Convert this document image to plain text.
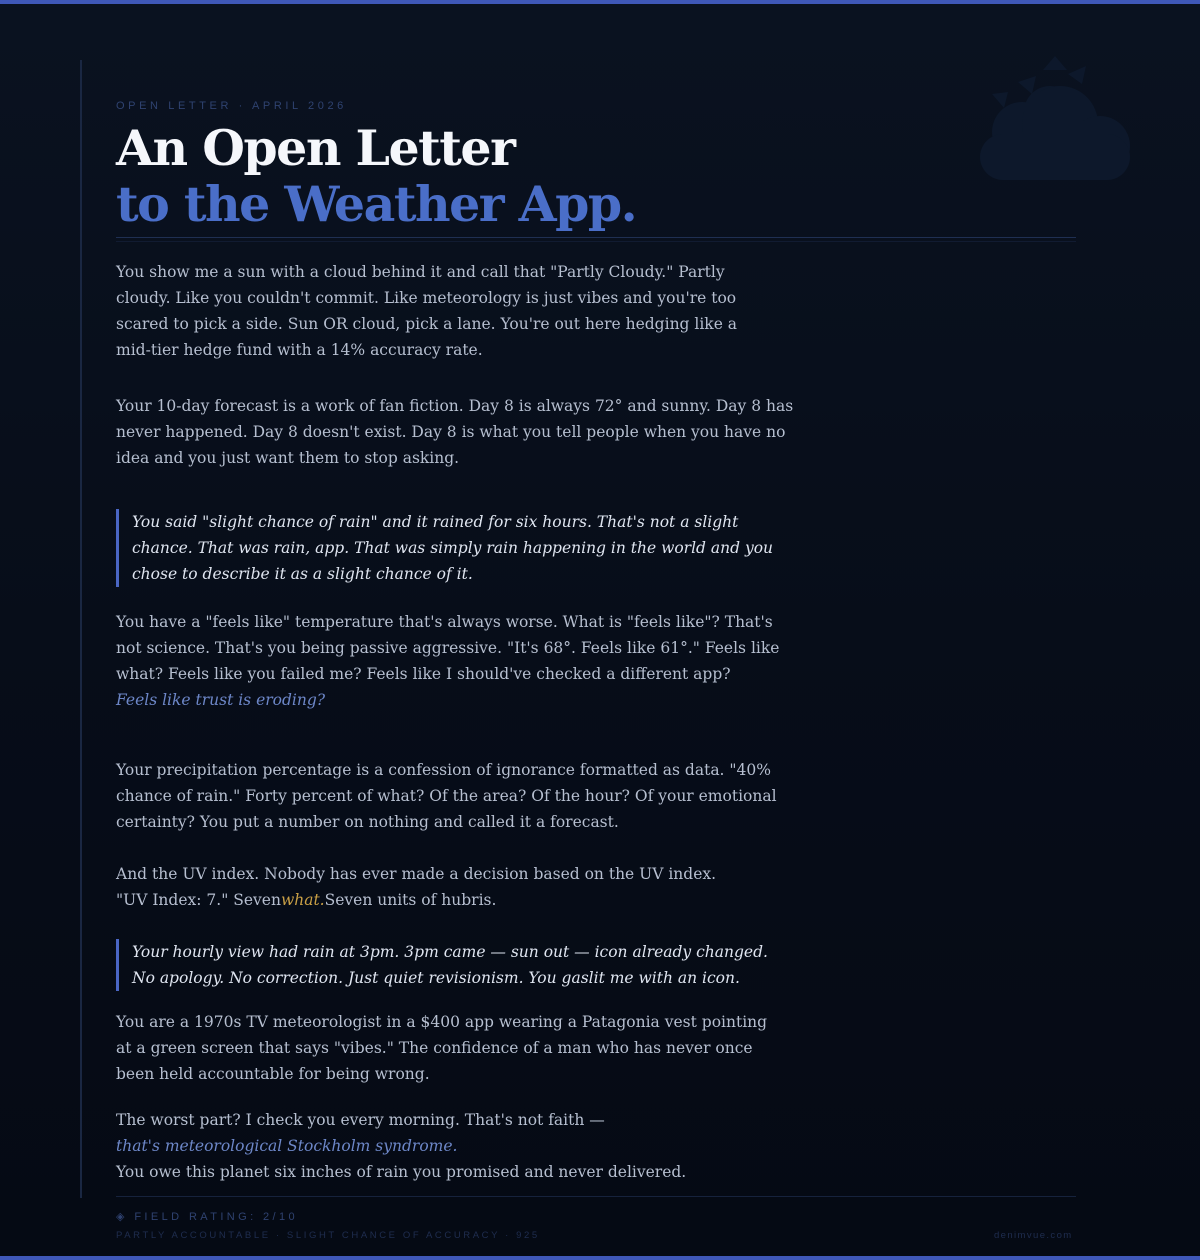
OPEN LETTER · APRIL 2026
An Open Letter
to the Weather App.

You show me a sun with a cloud behind it and call that "Partly Cloudy." Partly cloudy. Like you couldn't commit. Like meteorology is just vibes and you're too scared to pick a side. Sun OR cloud, pick a lane. You're out here hedging like a mid-tier hedge fund with a 14% accuracy rate.

Your 10-day forecast is a work of fan fiction. Day 8 is always 72° and sunny. Day 8 has never happened. Day 8 doesn't exist. Day 8 is what you tell people when you have no idea and you just want them to stop asking.

You said "slight chance of rain" and it rained for six hours. That's not a slight chance. That was rain, app. That was simply rain happening in the world and you chose to describe it as a slight chance of it.

You have a "feels like" temperature that's always worse. What is "feels like"? That's not science. That's you being passive aggressive. "It's 68°. Feels like 61°." Feels like what? Feels like you failed me? Feels like I should've checked a different app?
Feels like trust is eroding?

Your precipitation percentage is a confession of ignorance formatted as data. "40% chance of rain." Forty percent of what? Of the area? Of the hour? Of your emotional certainty? You put a number on nothing and called it a forecast.

And the UV index. Nobody has ever made a decision based on the UV index.
"UV Index: 7." Sevenwhat.Seven units of hubris.

Your hourly view had rain at 3pm. 3pm came — sun out — icon already changed. No apology. No correction. Just quiet revisionism. You gaslit me with an icon.

You are a 1970s TV meteorologist in a $400 app wearing a Patagonia vest pointing at a green screen that says "vibes." The confidence of a man who has never once been held accountable for being wrong.

The worst part? I check you every morning. That's not faith —
that's meteorological Stockholm syndrome.
You owe this planet six inches of rain you promised and never delivered.

◈ FIELD RATING: 2/10
PARTLY ACCOUNTABLE · SLIGHT CHANCE OF ACCURACY · 925	denimvue.com
